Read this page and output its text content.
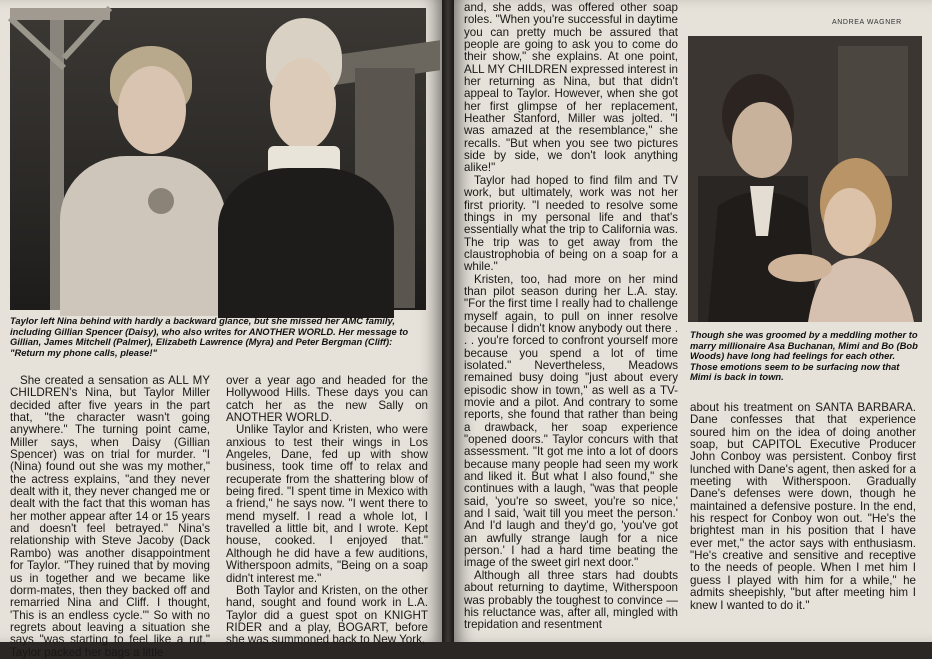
Taylor left Nina behind with hardly a backward glance, but she missed her AMC family, including Gillian Spencer (Daisy), who also writes for ANOTHER WORLD. Her message to Gillian, James Mitchell (Palmer), Elizabeth Lawrence (Myra) and Peter Bergman (Cliff): "Return my phone calls, please!"

She created a sensation as ALL MY CHILDREN's Nina, but Taylor Miller decided after five years in the part that, "the character wasn't going anywhere." The turning point came, Miller says, when Daisy (Gillian Spencer) was on trial for murder. "I (Nina) found out she was my mother," the actress explains, "and they never dealt with it, they never changed me or dealt with the fact that this woman has her mother appear after 14 or 15 years and doesn't feel betrayed." Nina's relationship with Steve Jacoby (Dack Rambo) was another disappointment for Taylor. "They ruined that by moving us in together and we became like dorm-mates, then they backed off and remarried Nina and Cliff. I thought, 'This is an endless cycle.'" So with no regrets about leaving a situation she says "was starting to feel like a rut," Taylor packed her bags a little

over a year ago and headed for the Hollywood Hills. These days you can catch her as the new Sally on ANOTHER WORLD.

Unlike Taylor and Kristen, who were anxious to test their wings in Los Angeles, Dane, fed up with show business, took time off to relax and recuperate from the shattering blow of being fired. "I spent time in Mexico with a friend," he says now. "I went there to mend myself. I read a whole lot, I travelled a little bit, and I wrote. Kept house, cooked. I enjoyed that." Although he did have a few auditions, Witherspoon admits, "Being on a soap didn't interest me."

Both Taylor and Kristen, on the other hand, sought and found work in L.A. Taylor did a guest spot on KNIGHT RIDER and a play, BOGART, before she was summoned back to New York,

ANDREA WAGNER

and, she adds, was offered other soap roles. "When you're successful in daytime you can pretty much be assured that people are going to ask you to come do their show," she explains. At one point, ALL MY CHILDREN expressed interest in her returning as Nina, but that didn't appeal to Taylor. However, when she got her first glimpse of her replacement, Heather Stanford, Miller was jolted. "I was amazed at the resemblance," she recalls. "But when you see two pictures side by side, we don't look anything alike!"

Taylor had hoped to find film and TV work, but ultimately, work was not her first priority. "I needed to resolve some things in my personal life and that's essentially what the trip to California was. The trip was to get away from the claustrophobia of being on a soap for a while."

Kristen, too, had more on her mind than pilot season during her L.A. stay. "For the first time I really had to challenge myself again, to pull on inner resolve because I didn't know anybody out there . . . you're forced to confront yourself more because you spend a lot of time isolated." Nevertheless, Meadows remained busy doing "just about every episodic show in town," as well as a TV-movie and a pilot. And contrary to some reports, she found that rather than being a drawback, her soap experience "opened doors." Taylor concurs with that assessment. "It got me into a lot of doors because many people had seen my work and liked it. But what I also found," she continues with a laugh, "was that people said, 'you're so sweet, you're so nice,' and I said, 'wait till you meet the person.' And I'd laugh and they'd go, 'you've got an awfully strange laugh for a nice person.' I had a hard time beating the image of the sweet girl next door."

Although all three stars had doubts about returning to daytime, Witherspoon was probably the toughest to convince — his reluctance was, after all, mingled with trepidation and resentment

Though she was groomed by a meddling mother to marry millionaire Asa Buchanan, Mimi and Bo (Bob Woods) have long had feelings for each other. Those emotions seem to be surfacing now that Mimi is back in town.

about his treatment on SANTA BARBARA. Dane confesses that that experience soured him on the idea of doing another soap, but CAPITOL Executive Producer John Conboy was persistent. Conboy first lunched with Dane's agent, then asked for a meeting with Witherspoon. Gradually Dane's defenses were down, though he maintained a defensive posture. In the end, his respect for Conboy won out. "He's the brightest man in his position that I have ever met," the actor says with enthusiasm. "He's creative and sensitive and receptive to the needs of people. When I met him I guess I played with him for a while," he admits sheepishly, "but after meeting him I knew I wanted to do it."
